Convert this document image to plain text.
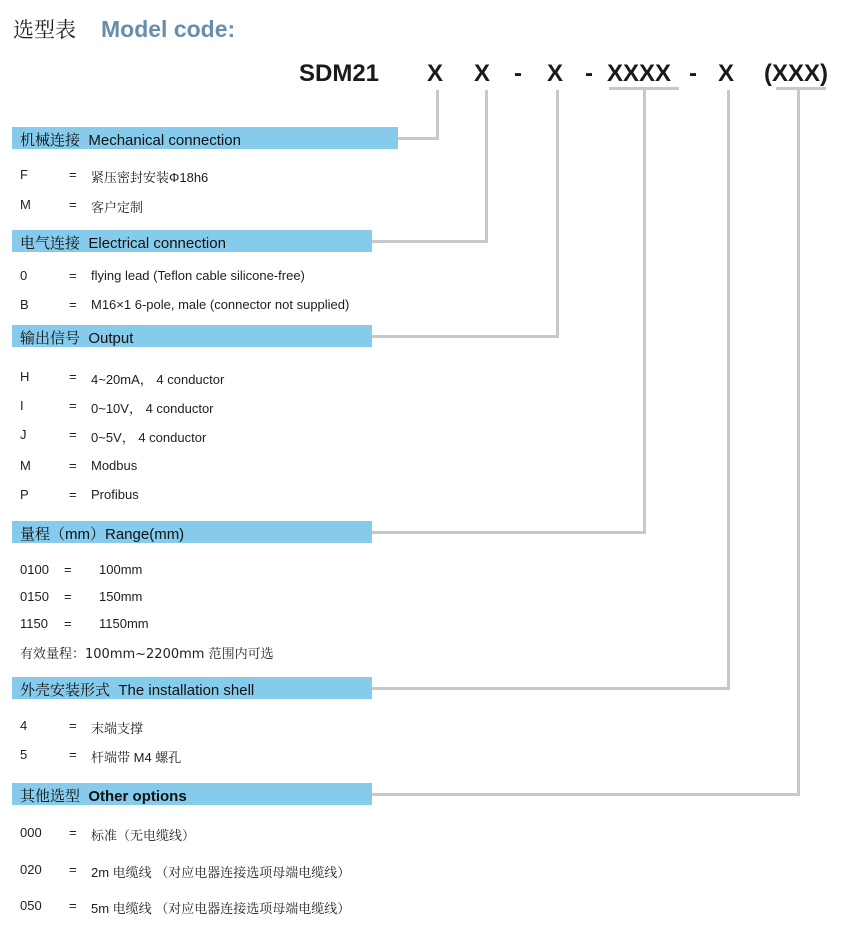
选型表 Model code:
SDM21 X X - X - XXXX - X (XXX)
机械连接 Mechanical connection
F	= 紧压密封安装Φ18h6
M	= 客户定制
电气连接 Electrical connection
0	= flying lead (Teflon cable silicone-free)
B	= M16×1 6-pole, male (connector not supplied)
输出信号 Output
H	= 4~20mA， 4 conductor
I	= 0~10V， 4 conductor
J	= 0~5V， 4 conductor
M	= Modbus
P	= Profibus
量程（mm）Range(mm)
0100 = 100mm
0150 = 150mm
1150 = 1150mm
有效量程：100mm~2200mm 范围内可选
外壳安装形式 The installation shell
4	= 末端支撑
5	= 杆端带 M4 螺孔
其他选型 Other options
000 = 标准（无电缆线）
020 = 2m 电缆线 （对应电器连接选项母端电缆线）
050 = 5m 电缆线 （对应电器连接选项母端电缆线）
